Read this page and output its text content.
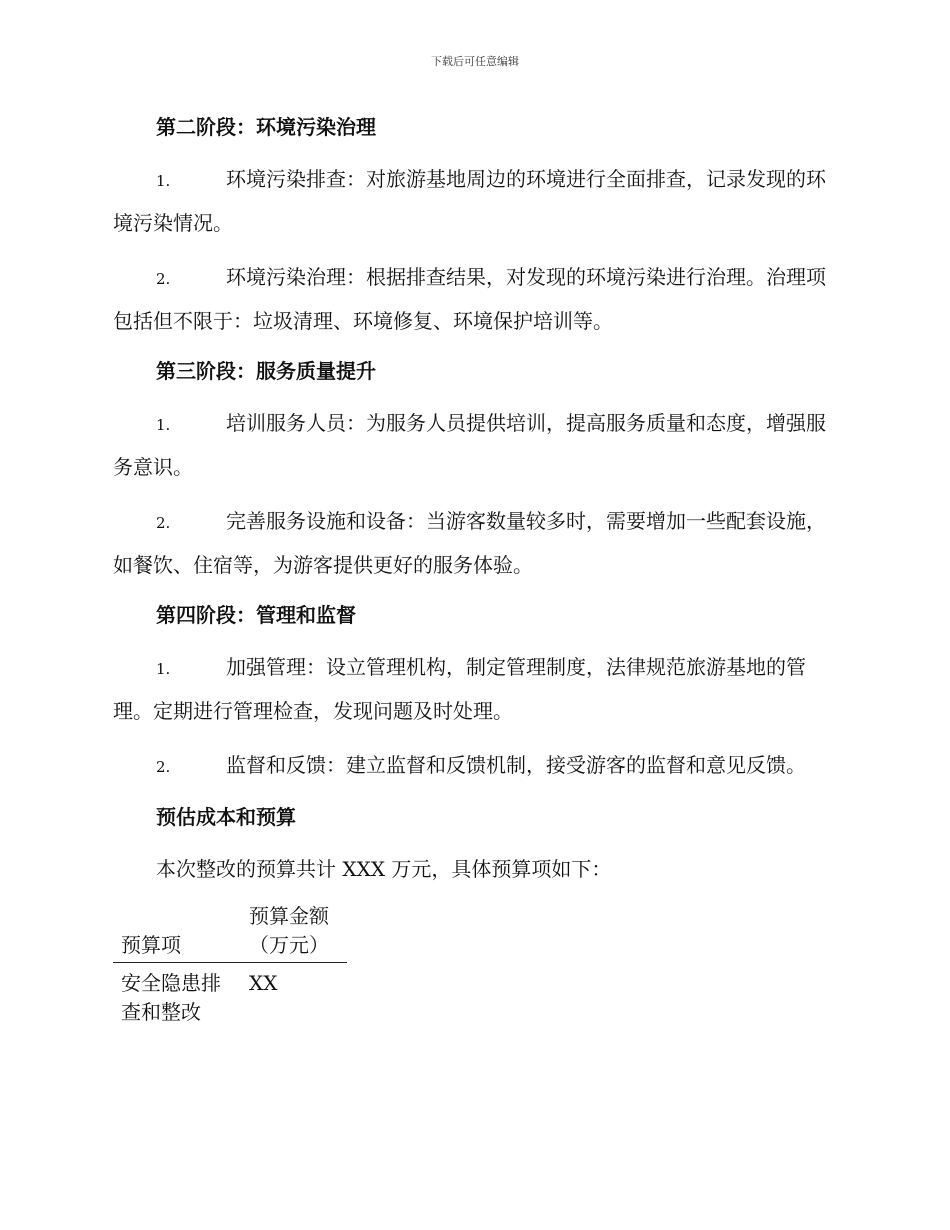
下载后可任意编辑
第二阶段：环境污染治理

1.	环境污染排查：对旅游基地周边的环境进行全面排查，记录发现的环境污染情况。

2.	环境污染治理：根据排查结果，对发现的环境污染进行治理。治理项包括但不限于：垃圾清理、环境修复、环境保护培训等。

第三阶段：服务质量提升

1.	培训服务人员：为服务人员提供培训，提高服务质量和态度，增强服务意识。

2.	完善服务设施和设备：当游客数量较多时，需要增加一些配套设施，如餐饮、住宿等，为游客提供更好的服务体验。

第四阶段：管理和监督

1.	加强管理：设立管理机构，制定管理制度，法律规范旅游基地的管理。定期进行管理检查，发现问题及时处理。

2.	监督和反馈：建立监督和反馈机制，接受游客的监督和意见反馈。

预估成本和预算

本次整改的预算共计 XXX 万元，具体预算项如下：

预算项	预算金额（万元）
安全隐患排查和整改	XX
